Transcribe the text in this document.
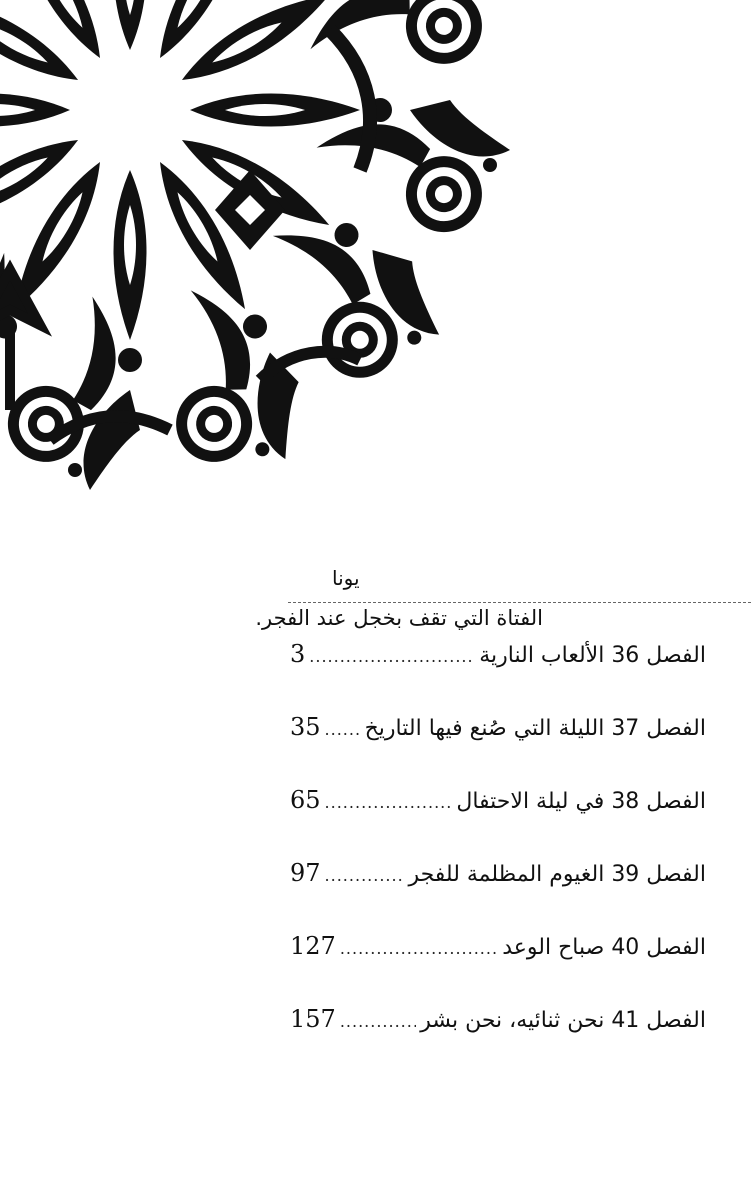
يونا
الفتاة التي تقف بخجل عند الفجر.
3 .....	الفصل 36 الألعاب النارية
35 ..... الفصل 37 الليلة التي صُنع فيها التاريخ
65 .....	الفصل 38 في ليلة الاحتفال
97 .....	الفصل 39 الغيوم المظلمة للفجر
127 .....	الفصل 40 صباح الوعد
157 .....	الفصل 41 نحن ثنائيه، نحن بشر
